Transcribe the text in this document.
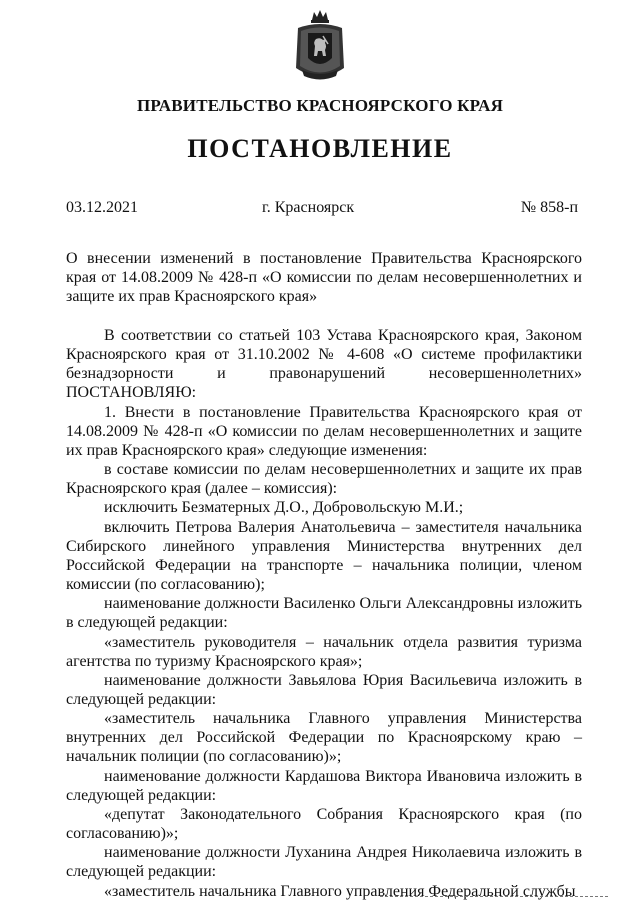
ПРАВИТЕЛЬСТВО КРАСНОЯРСКОГО КРАЯ
ПОСТАНОВЛЕНИЕ
03.12.2021	г. Красноярск	№ 858-п
О внесении изменений в постановление Правительства Красноярского края от 14.08.2009 № 428-п «О комиссии по делам несовершеннолетних и защите их прав Красноярского края»

В соответствии со статьей 103 Устава Красноярского края, Законом Красноярского края от 31.10.2002 № 4-608 «О системе профилактики безнадзорности и правонарушений несовершеннолетних» ПОСТАНОВЛЯЮ:

1. Внести в постановление Правительства Красноярского края от 14.08.2009 № 428-п «О комиссии по делам несовершеннолетних и защите их прав Красноярского края» следующие изменения:

в составе комиссии по делам несовершеннолетних и защите их прав Красноярского края (далее – комиссия):

исключить Безматерных Д.О., Добровольскую М.И.;

включить Петрова Валерия Анатольевича – заместителя начальника Сибирского линейного управления Министерства внутренних дел Российской Федерации на транспорте – начальника полиции, членом комиссии (по согласованию);

наименование должности Василенко Ольги Александровны изложить в следующей редакции:

«заместитель руководителя – начальник отдела развития туризма агентства по туризму Красноярского края»;

наименование должности Завьялова Юрия Васильевича изложить в следующей редакции:

«заместитель начальника Главного управления Министерства внутренних дел Российской Федерации по Красноярскому краю – начальник полиции (по согласованию)»;

наименование должности Кардашова Виктора Ивановича изложить в следующей редакции:

«депутат Законодательного Собрания Красноярского края (по согласованию)»;

наименование должности Луханина Андрея Николаевича изложить в следующей редакции:

«заместитель начальника Главного управления Федеральной службы
